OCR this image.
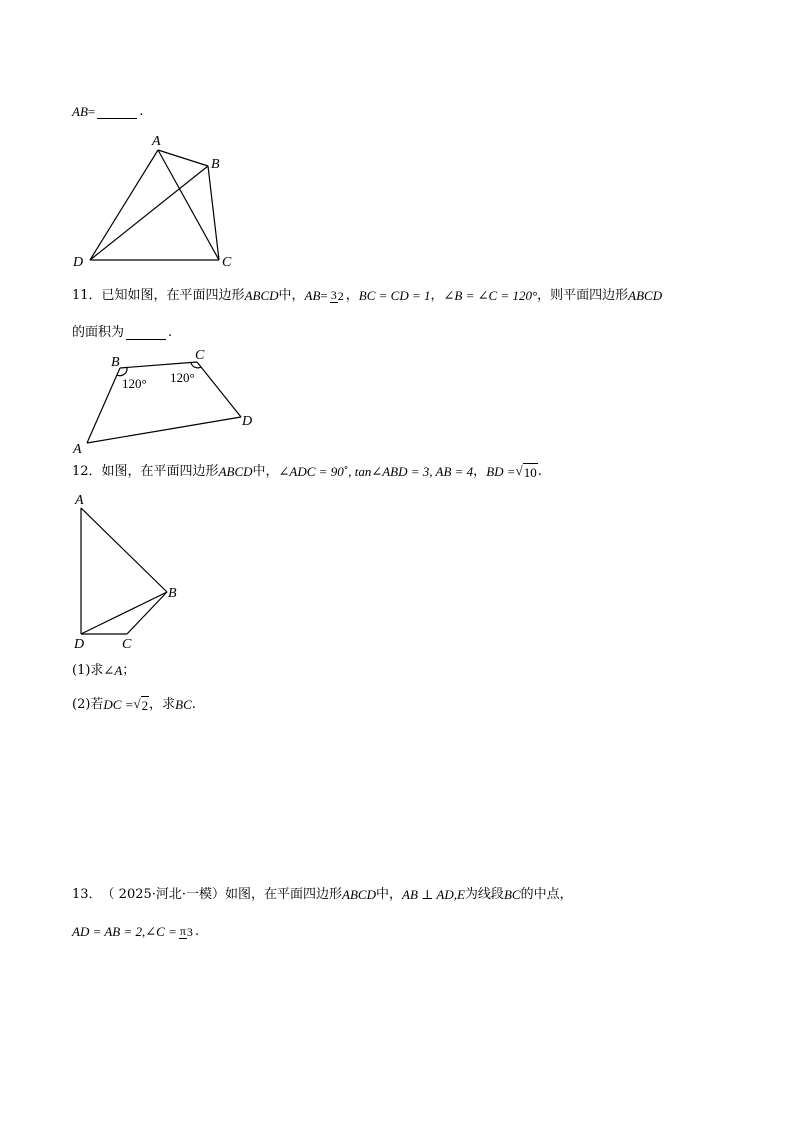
AB=	.
A
B
C
D
11．已知如图，在平面四边形ABCD中，AB=32 ，BC = CD = 1，∠B = ∠C = 120°，则平面四边形ABCD
的面积为	.
B	C
D
A
120° 120°
12．如图，在平面四边形ABCD中，∠ADC = 90°, tan∠ABD = 3, AB = 4，BD =√10.
A
B
C
D
(1)求∠A；
(2)若DC =√2，求BC.
13．（ 2025·河北·一模）如图，在平面四边形ABCD中，AB ⊥ AD,E为线段BC的中点，
AD = AB = 2,∠C =π3 .
